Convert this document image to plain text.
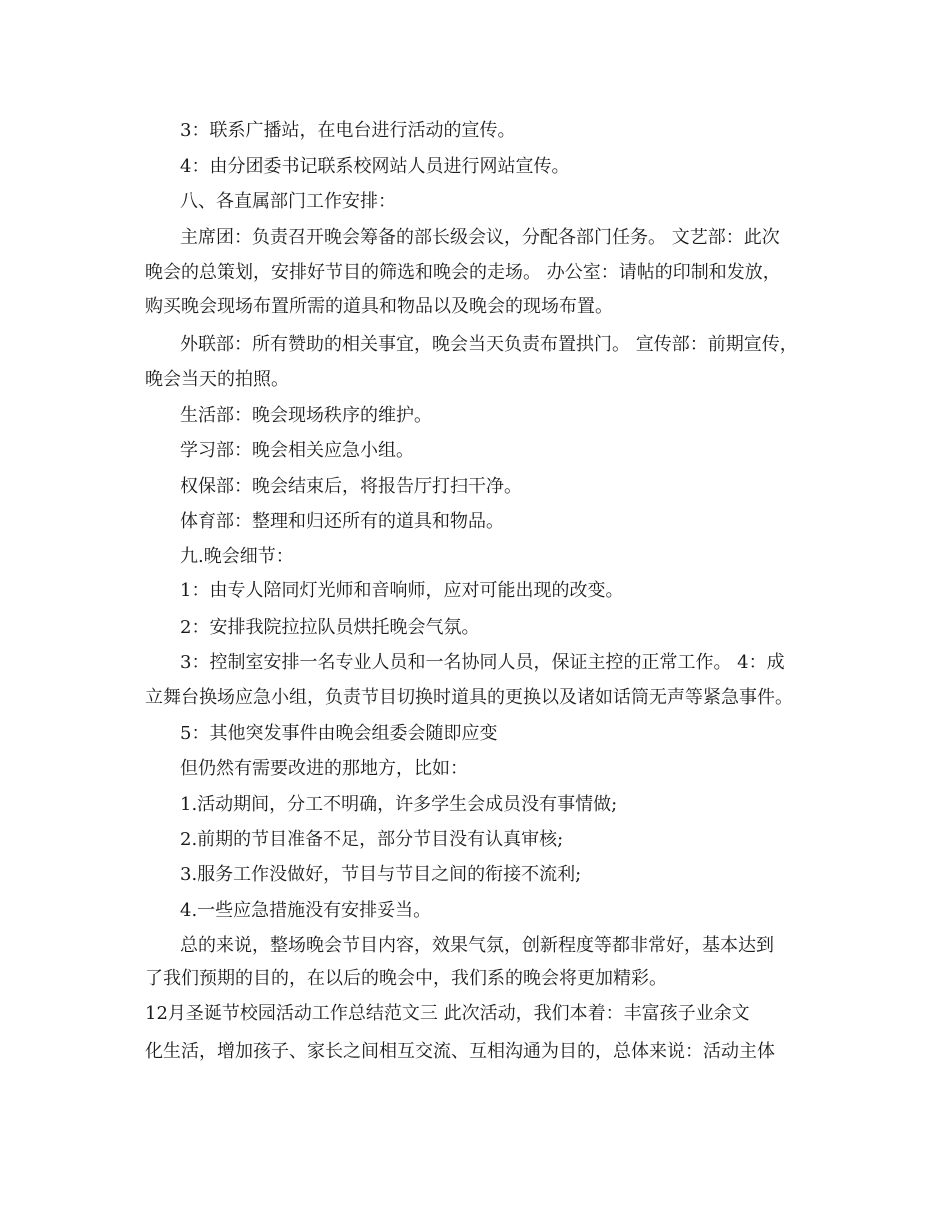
3：联系广播站，在电台进行活动的宣传。
4：由分团委书记联系校网站人员进行网站宣传。
八、各直属部门工作安排：
主席团：负责召开晚会筹备的部长级会议，分配各部门任务。 文艺部：此次
晚会的总策划，安排好节目的筛选和晚会的走场。 办公室：请帖的印制和发放，
购买晚会现场布置所需的道具和物品以及晚会的现场布置。
外联部：所有赞助的相关事宜，晚会当天负责布置拱门。 宣传部：前期宣传，
晚会当天的拍照。
生活部：晚会现场秩序的维护。
学习部：晚会相关应急小组。
权保部：晚会结束后，将报告厅打扫干净。
体育部：整理和归还所有的道具和物品。
九.晚会细节：
1：由专人陪同灯光师和音响师，应对可能出现的改变。
2：安排我院拉拉队员烘托晚会气氛。
3：控制室安排一名专业人员和一名协同人员，保证主控的正常工作。 4：成
立舞台换场应急小组，负责节目切换时道具的更换以及诸如话筒无声等紧急事件。
5：其他突发事件由晚会组委会随即应变
但仍然有需要改进的那地方，比如：
1.活动期间，分工不明确，许多学生会成员没有事情做;
2.前期的节目准备不足，部分节目没有认真审核;
3.服务工作没做好，节目与节目之间的衔接不流利;
4.一些应急措施没有安排妥当。
总的来说，整场晚会节目内容，效果气氛，创新程度等都非常好，基本达到
了我们预期的目的，在以后的晚会中，我们系的晚会将更加精彩。
12月圣诞节校园活动工作总结范文三 此次活动，我们本着：丰富孩子业余文
化生活，增加孩子、家长之间相互交流、互相沟通为目的，总体来说：活动主体
